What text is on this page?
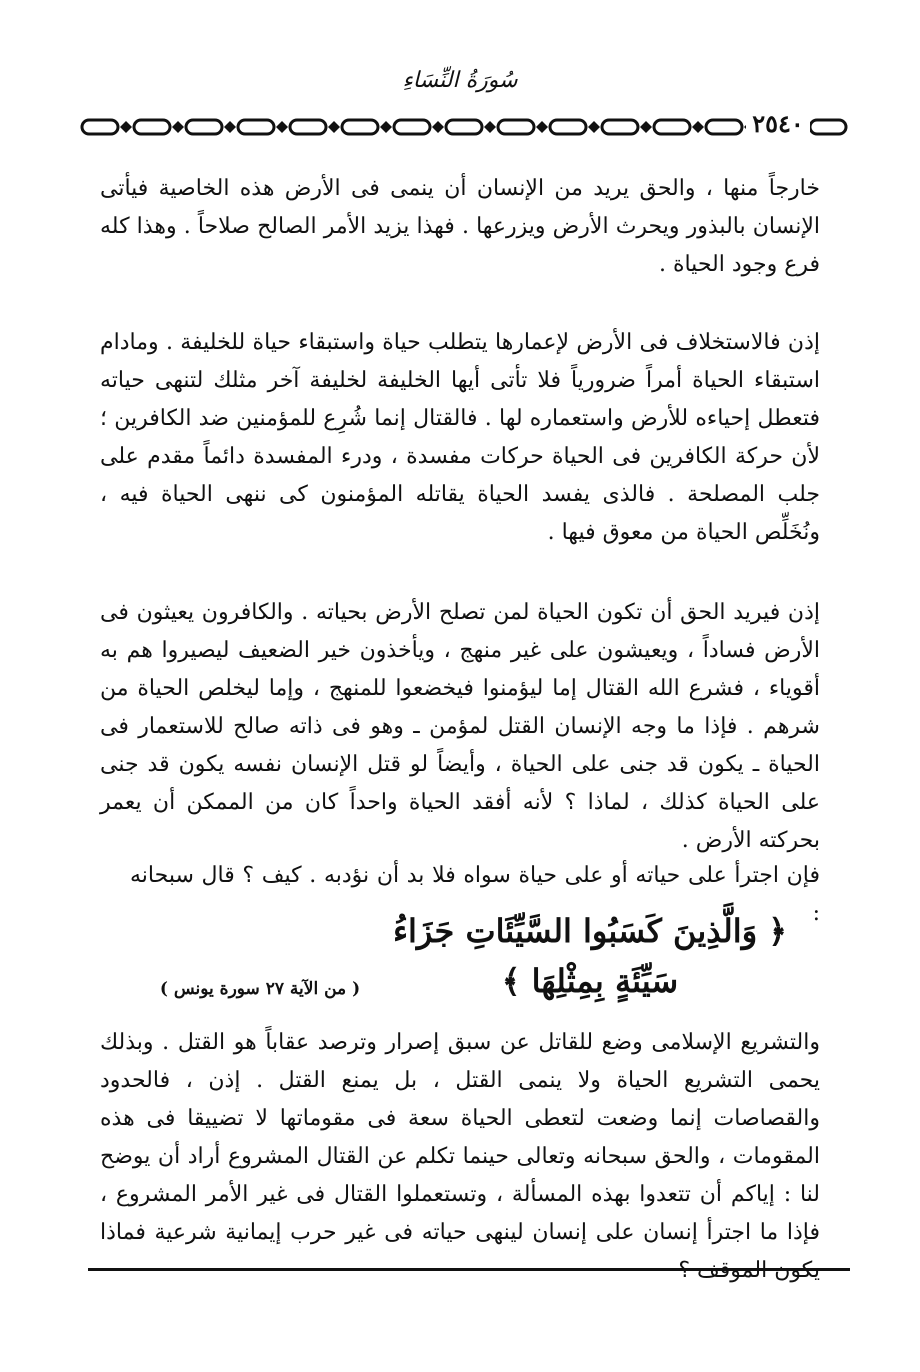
سُورَةُ النِّسَاءِ
٢٥٤٠
خارجاً منها ، والحق يريد من الإنسان أن ينمى فى الأرض هذه الخاصية فيأتى الإنسان بالبذور ويحرث الأرض ويزرعها . فهذا يزيد الأمر الصالح صلاحاً . وهذا كله فرع وجود الحياة .
إذن فالاستخلاف فى الأرض لإعمارها يتطلب حياة واستبقاء حياة للخليفة . ومادام استبقاء الحياة أمراً ضرورياً فلا تأتى أيها الخليفة لخليفة آخر مثلك لتنهى حياته فتعطل إحياءه للأرض واستعماره لها . فالقتال إنما شُرِع للمؤمنين ضد الكافرين ؛ لأن حركة الكافرين فى الحياة حركات مفسدة ، ودرء المفسدة دائماً مقدم على جلب المصلحة . فالذى يفسد الحياة يقاتله المؤمنون كى ننهى الحياة فيه ، ونُخَلِّص الحياة من معوق فيها .
إذن فيريد الحق أن تكون الحياة لمن تصلح الأرض بحياته . والكافرون يعيثون فى الأرض فساداً ، ويعيشون على غير منهج ، ويأخذون خير الضعيف ليصيروا هم به أقوياء ، فشرع الله القتال إما ليؤمنوا فيخضعوا للمنهج ، وإما ليخلص الحياة من شرهم . فإذا ما وجه الإنسان القتل لمؤمن ـ وهو فى ذاته صالح للاستعمار فى الحياة ـ يكون قد جنى على الحياة ، وأيضاً لو قتل الإنسان نفسه يكون قد جنى على الحياة كذلك ، لماذا ؟ لأنه أفقد الحياة واحداً كان من الممكن أن يعمر بحركته الأرض .
فإن اجترأ على حياته أو على حياة سواه فلا بد أن نؤدبه . كيف ؟ قال سبحانه :
﴿ وَالَّذِينَ كَسَبُوا السَّيِّئَاتِ جَزَاءُ سَيِّئَةٍ بِمِثْلِهَا ﴾
( من الآية ٢٧ سورة يونس )
والتشريع الإسلامى وضع للقاتل عن سبق إصرار وترصد عقاباً هو القتل . وبذلك يحمى التشريع الحياة ولا ينمى القتل ، بل يمنع القتل . إذن ، فالحدود والقصاصات إنما وضعت لتعطى الحياة سعة فى مقوماتها لا تضييقا فى هذه المقومات ، والحق سبحانه وتعالى حينما تكلم عن القتال المشروع أراد أن يوضح لنا : إياكم أن تتعدوا بهذه المسألة ، وتستعملوا القتال فى غير الأمر المشروع ، فإذا ما اجترأ إنسان على إنسان لينهى حياته فى غير حرب إيمانية شرعية فماذا
